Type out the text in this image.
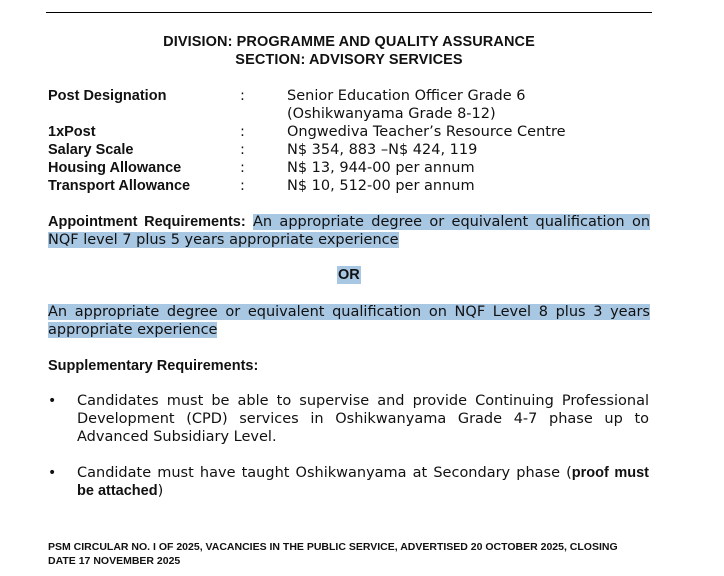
DIVISION: PROGRAMME AND QUALITY ASSURANCE
SECTION: ADVISORY SERVICES
Post Designation	:	Senior Education Officer Grade 6
(Oshikwanyama Grade 8-12)
1xPost	:	Ongwediva Teacher’s Resource Centre
Salary Scale	:	N$ 354, 883 –N$ 424, 119
Housing Allowance	:	N$ 13, 944-00 per annum
Transport Allowance	:	N$ 10, 512-00 per annum
Appointment Requirements: An appropriate degree or equivalent qualification on NQF level 7 plus 5 years appropriate experience
OR
An appropriate degree or equivalent qualification on NQF Level 8 plus 3 years appropriate experience
Supplementary Requirements:
• Candidates must be able to supervise and provide Continuing Professional Development (CPD) services in Oshikwanyama Grade 4-7 phase up to Advanced Subsidiary Level.
• Candidate must have taught Oshikwanyama at Secondary phase (proof must be attached)
PSM CIRCULAR NO. I OF 2025, VACANCIES IN THE PUBLIC SERVICE, ADVERTISED 20 OCTOBER 2025, CLOSING DATE 17 NOVEMBER 2025
